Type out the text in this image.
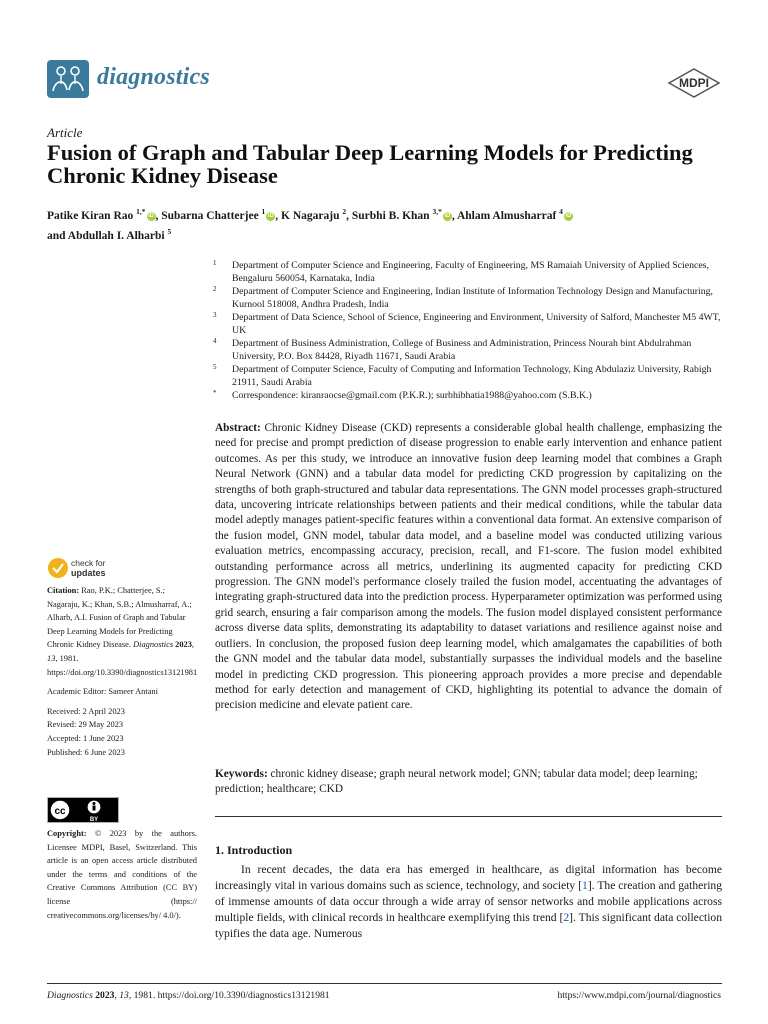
diagnostics	MDPI
Article
Fusion of Graph and Tabular Deep Learning Models for Predicting Chronic Kidney Disease
Patike Kiran Rao $^{1,*}$ iD , Subarna Chatterjee $^1$ iD , K Nagaraju $^2$, Surbhi B. Khan $^{3,*}$ iD , Ahlam Almusharraf $^4$ iD
and Abdullah I. Alharbi $^5$
1 Department of Computer Science and Engineering, Faculty of Engineering, MS Ramaiah University of Applied Sciences, Bengaluru 560054, Karnataka, India
2 Department of Computer Science and Engineering, Indian Institute of Information Technology Design and Manufacturing, Kurnool 518008, Andhra Pradesh, India
3 Department of Data Science, School of Science, Engineering and Environment, University of Salford, Manchester M5 4WT, UK
4 Department of Business Administration, College of Business and Administration, Princess Nourah bint Abdulrahman University, P.O. Box 84428, Riyadh 11671, Saudi Arabia
5 Department of Computer Science, Faculty of Computing and Information Technology, King Abdulaziz University, Rabigh 21911, Saudi Arabia
* Correspondence: kiranraocse@gmail.com (P.K.R.); surbhibhatia1988@yahoo.com (S.B.K.)
Abstract: Chronic Kidney Disease (CKD) represents a considerable global health challenge, emphasizing the need for precise and prompt prediction of disease progression to enable early intervention and enhance patient outcomes. As per this study, we introduce an innovative fusion deep learning model that combines a Graph Neural Network (GNN) and a tabular data model for predicting CKD progression by capitalizing on the strengths of both graph-structured and tabular data representations. The GNN model processes graph-structured data, uncovering intricate relationships between patients and their medical conditions, while the tabular data model adeptly manages patient-specific features within a conventional data format. An extensive comparison of the fusion model, GNN model, tabular data model, and a baseline model was conducted utilizing various evaluation metrics, encompassing accuracy, precision, recall, and F1-score. The fusion model exhibited outstanding performance across all metrics, underlining its augmented capacity for predicting CKD progression. The GNN model's performance closely trailed the fusion model, accentuating the advantages of integrating graph-structured data into the prediction process. Hyperparameter optimization was performed using grid search, ensuring a fair comparison among the models. The fusion model displayed consistent performance across diverse data splits, demonstrating its adaptability to dataset variations and resilience against noise and outliers. In conclusion, the proposed fusion deep learning model, which amalgamates the capabilities of both the GNN model and the tabular data model, substantially surpasses the individual models and the baseline model in predicting CKD progression. This pioneering approach provides a more precise and dependable method for early detection and management of CKD, highlighting its potential to advance the domain of precision medicine and elevate patient care.
Keywords: chronic kidney disease; graph neural network model; GNN; tabular data model; deep learning; prediction; healthcare; CKD
check for
updates

Citation: Rao, P.K.; Chatterjee, S.; Nagaraju, K.; Khan, S.B.; Almusharraf, A.; Alharb, A.I. Fusion of Graph and Tabular Deep Learning Models for Predicting Chronic Kidney Disease. Diagnostics 2023, 13, 1981. https://doi.org/10.3390/diagnostics13121981

Academic Editor: Sameer Antani

Received: 2 April 2023

Revised: 29 May 2023

Accepted: 1 June 2023

Published: 6 June 2023

cc
BY
Copyright: © 2023 by the authors. Licensee MDPI, Basel, Switzerland. This article is an open access article distributed under the terms and conditions of the Creative Commons Attribution (CC BY) license (https:// creativecommons.org/licenses/by/ 4.0/).
1. Introduction
In recent decades, the data era has emerged in healthcare, as digital information has become increasingly vital in various domains such as science, technology, and society [1]. The creation and gathering of immense amounts of data occur through a wide array of sensor networks and mobile applications across multiple fields, with clinical records in healthcare exemplifying this trend [2]. This significant data collection typifies the data age. Numerous
Diagnostics 2023, 13, 1981. https://doi.org/10.3390/diagnostics13121981	https://www.mdpi.com/journal/diagnostics
